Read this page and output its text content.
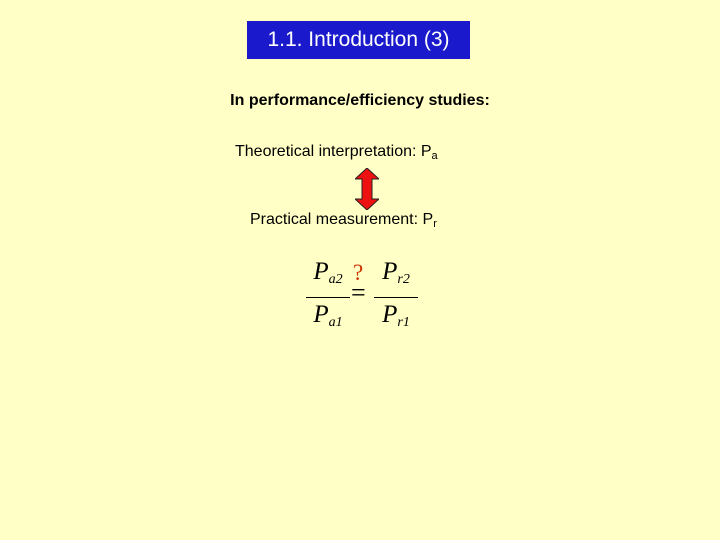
1.1. Introduction (3)
In performance/efficiency studies:
Theoretical interpretation: $P_a$
Practical measurement: $P_r$
$P_{a2}$
$P_{a1}$
?
=
$P_{r2}$
$P_{r1}$
